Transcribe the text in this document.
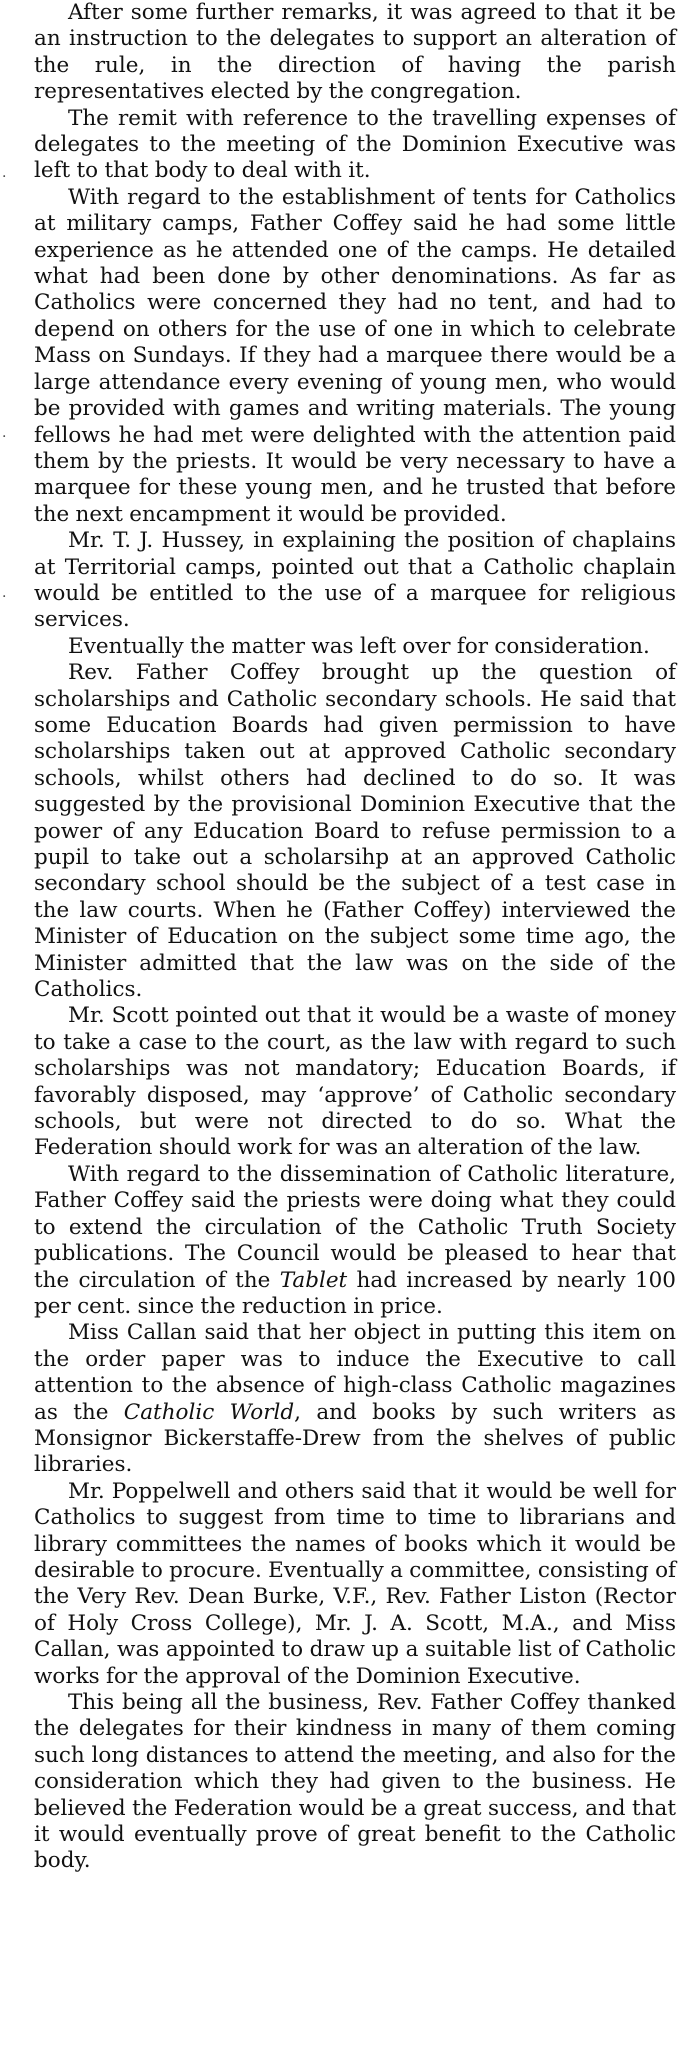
·
·
·

After some further remarks, it was agreed to that it be an instruction to the delegates to support an alteration of the rule, in the direction of having the parish representatives elected by the congregation.

The remit with reference to the travelling expenses of delegates to the meeting of the Dominion Executive was left to that body to deal with it.

With regard to the establishment of tents for Catholics at military camps, Father Coffey said he had some little experience as he attended one of the camps. He detailed what had been done by other denominations. As far as Catholics were concerned they had no tent, and had to depend on others for the use of one in which to celebrate Mass on Sundays. If they had a marquee there would be a large attendance every evening of young men, who would be provided with games and writing materials. The young fellows he had met were delighted with the attention paid them by the priests. It would be very necessary to have a marquee for these young men, and he trusted that before the next encampment it would be provided.

Mr. T. J. Hussey, in explaining the position of chaplains at Territorial camps, pointed out that a Catholic chaplain would be entitled to the use of a marquee for religious services.

Eventually the matter was left over for consideration.

Rev. Father Coffey brought up the question of scholarships and Catholic secondary schools. He said that some Education Boards had given permission to have scholarships taken out at approved Catholic secondary schools, whilst others had declined to do so. It was suggested by the provisional Dominion Executive that the power of any Education Board to refuse permission to a pupil to take out a scholarsihp at an approved Catholic secondary school should be the subject of a test case in the law courts. When he (Father Coffey) interviewed the Minister of Education on the subject some time ago, the Minister admitted that the law was on the side of the Catholics.

Mr. Scott pointed out that it would be a waste of money to take a case to the court, as the law with regard to such scholarships was not mandatory; Education Boards, if favorably disposed, may ‘approve’ of Catholic secondary schools, but were not directed to do so. What the Federation should work for was an alteration of the law.

With regard to the dissemination of Catholic literature, Father Coffey said the priests were doing what they could to extend the circulation of the Catholic Truth Society publications. The Council would be pleased to hear that the circulation of the Tablet had increased by nearly 100 per cent. since the reduction in price.

Miss Callan said that her object in putting this item on the order paper was to induce the Executive to call attention to the absence of high-class Catholic magazines as the Catholic World, and books by such writers as Monsignor Bickerstaffe-Drew from the shelves of public libraries.

Mr. Poppelwell and others said that it would be well for Catholics to suggest from time to time to librarians and library committees the names of books which it would be desirable to procure. Eventually a committee, consisting of the Very Rev. Dean Burke, V.F., Rev. Father Liston (Rector of Holy Cross College), Mr. J. A. Scott, M.A., and Miss Callan, was appointed to draw up a suitable list of Catholic works for the approval of the Dominion Executive.

This being all the business, Rev. Father Coffey thanked the delegates for their kindness in many of them coming such long distances to attend the meeting, and also for the consideration which they had given to the business. He believed the Federation would be a great success, and that it would eventually prove of great benefit to the Catholic body.
